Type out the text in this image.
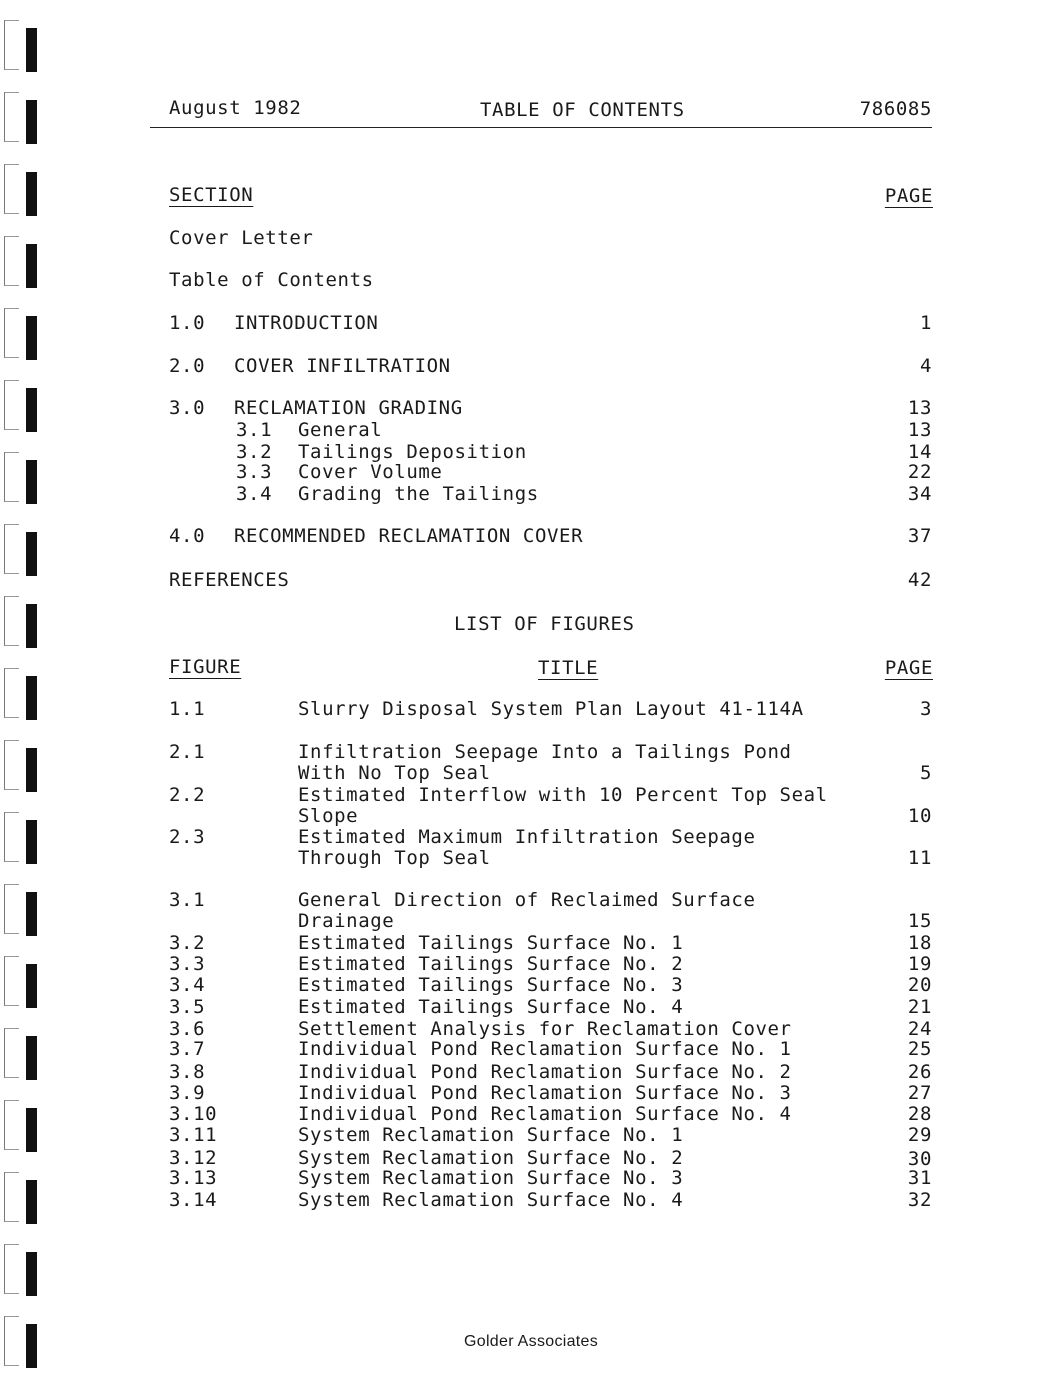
August 1982	TABLE OF CONTENTS	786085
SECTION	PAGE
Cover Letter
Table of Contents
1.0 INTRODUCTION	1
2.0 COVER INFILTRATION	4
3.0 RECLAMATION GRADING	13
3.1 General	13
3.2 Tailings Deposition	14
3.3 Cover Volume	22
3.4 Grading the Tailings	34
4.0 RECOMMENDED RECLAMATION COVER	37
REFERENCES	42
LIST OF FIGURES
FIGURE	TITLE	PAGE
1.1	Slurry Disposal System Plan Layout 41-114A	3
2.1	Infiltration Seepage Into a Tailings Pond
With No Top Seal	5
2.2	Estimated Interflow with 10 Percent Top Seal
Slope	10
2.3	Estimated Maximum Infiltration Seepage
Through Top Seal	11
3.1	General Direction of Reclaimed Surface
Drainage	15
3.2	Estimated Tailings Surface No. 1	18
3.3	Estimated Tailings Surface No. 2	19
3.4	Estimated Tailings Surface No. 3	20
3.5	Estimated Tailings Surface No. 4	21
3.6	Settlement Analysis for Reclamation Cover	24
3.7	Individual Pond Reclamation Surface No. 1	25
3.8	Individual Pond Reclamation Surface No. 2	26
3.9	Individual Pond Reclamation Surface No. 3	27
3.10	Individual Pond Reclamation Surface No. 4	28
3.11	System Reclamation Surface No. 1	29
3.12	System Reclamation Surface No. 2	30
3.13	System Reclamation Surface No. 3	31
3.14	System Reclamation Surface No. 4	32
Golder Associates
